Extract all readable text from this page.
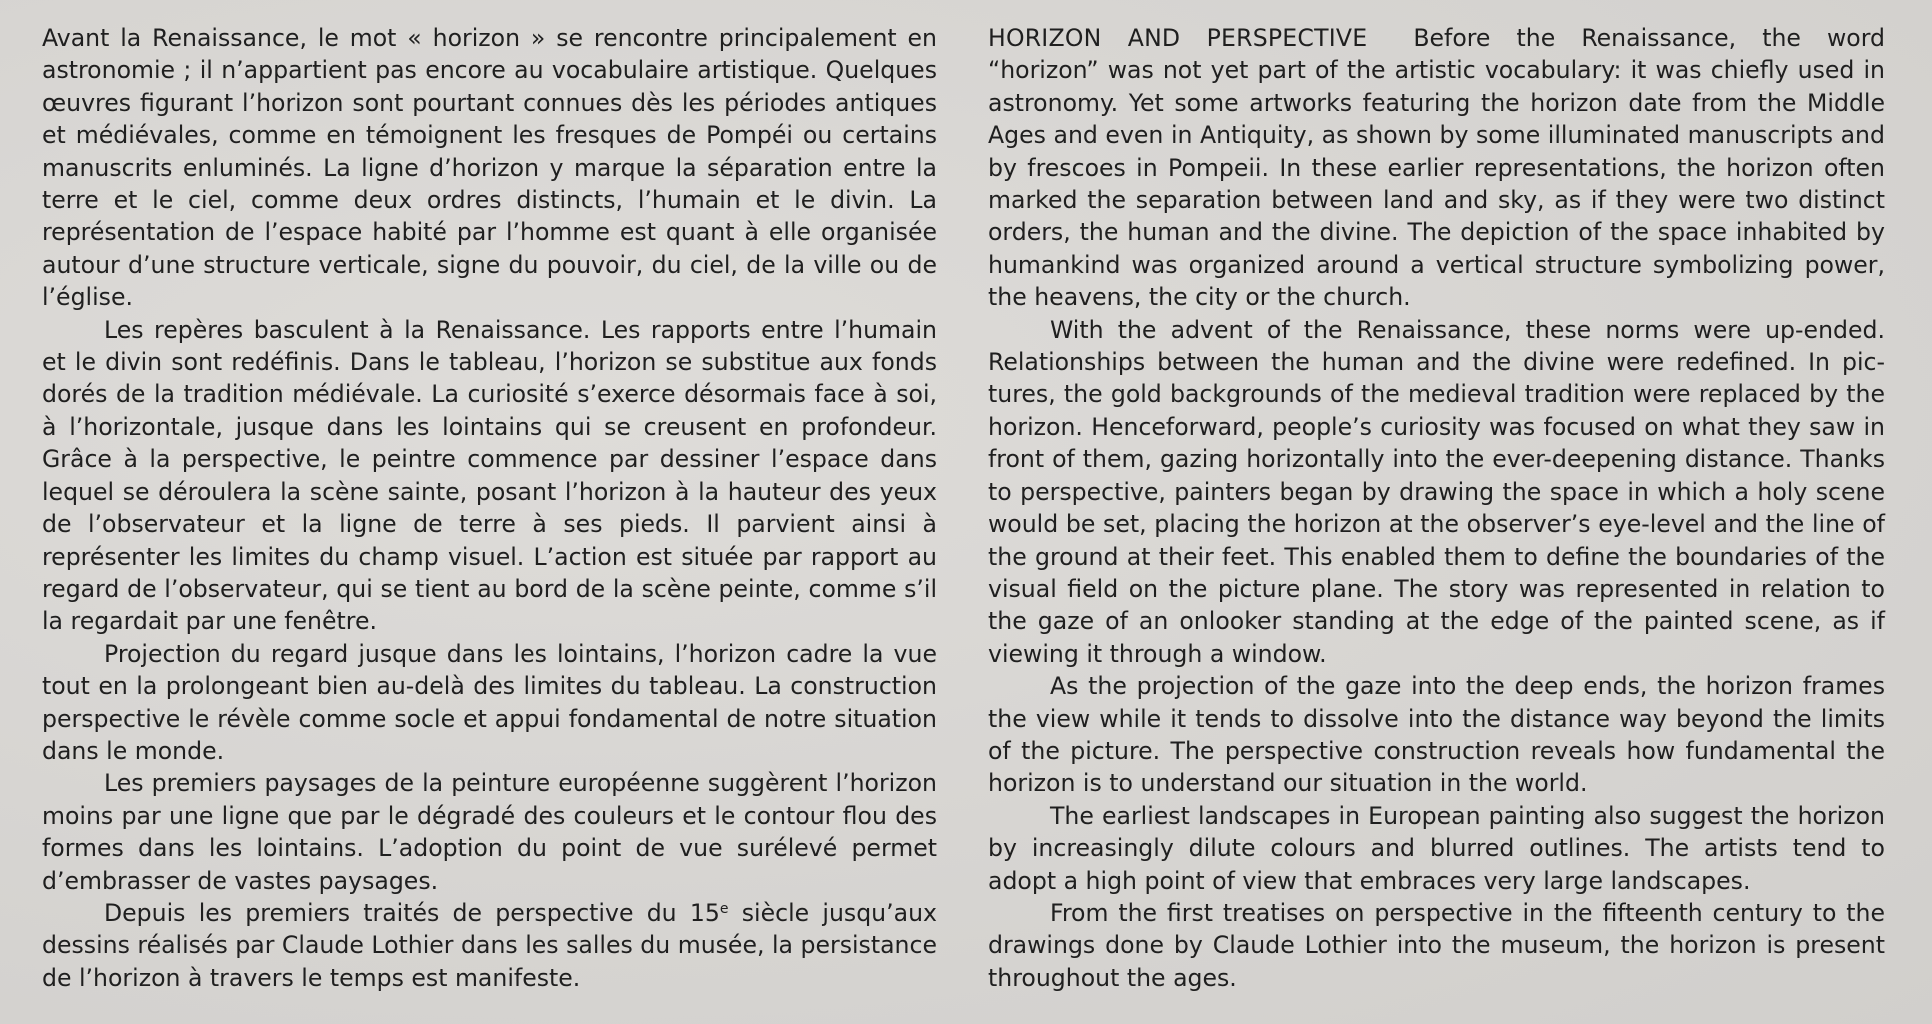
Avant la Renaissance, le mot « horizon » se rencontre principalement en astronomie ; il n’appartient pas encore au vocabulaire artistique. Quelques œuvres figurant l’horizon sont pourtant connues dès les périodes antiques et médiévales, comme en témoignent les fresques de Pompéi ou certains manuscrits enluminés. La ligne d’horizon y marque la séparation entre la terre et le ciel, comme deux ordres distincts, l’humain et le divin. La représentation de l’espace habité par l’homme est quant à elle organisée autour d’une structure verticale, signe du pouvoir, du ciel, de la ville ou de l’église.

Les repères basculent à la Renaissance. Les rapports entre l’humain et le divin sont redéfinis. Dans le tableau, l’horizon se substitue aux fonds dorés de la tradition médiévale. La curiosité s’exerce désormais face à soi, à l’horizontale, jusque dans les lointains qui se creusent en profondeur. Grâce à la perspective, le peintre commence par dessiner l’espace dans lequel se déroulera la scène sainte, posant l’horizon à la hauteur des yeux de l’observateur et la ligne de terre à ses pieds. Il parvient ainsi à représenter les limites du champ visuel. L’action est située par rapport au regard de l’observateur, qui se tient au bord de la scène peinte, comme s’il la regardait par une fenêtre.

Projection du regard jusque dans les lointains, l’horizon cadre la vue tout en la prolongeant bien au-delà des limites du tableau. La construction perspective le révèle comme socle et appui fondamental de notre situation dans le monde.

Les premiers paysages de la peinture européenne suggèrent l’horizon moins par une ligne que par le dégradé des couleurs et le contour flou des formes dans les lointains. L’adoption du point de vue surélevé permet d’embrasser de vastes paysages.

Depuis les premiers traités de perspective du 15e siècle jusqu’aux dessins réalisés par Claude Lothier dans les salles du musée, la persistance de l’horizon à travers le temps est manifeste.

HORIZON AND PERSPECTIVE Before the Renaissance, the word “horizon” was not yet part of the artistic vocabulary: it was chiefly used in astronomy. Yet some artworks featuring the horizon date from the Middle Ages and even in Antiquity, as shown by some illuminated manuscripts and by frescoes in Pompeii. In these earlier representations, the horizon often marked the separation between land and sky, as if they were two distinct orders, the human and the divine. The depiction of the space inhabited by humankind was organized around a vertical structure symbolizing power, the heavens, the city or the church.

With the advent of the Renaissance, these norms were up-ended. Relationships between the human and the divine were redefined. In pictures, the gold backgrounds of the medieval tradition were replaced by the horizon. Henceforward, people’s curiosity was focused on what they saw in front of them, gazing horizontally into the ever-deepening distance. Thanks to perspective, painters began by drawing the space in which a holy scene would be set, placing the horizon at the observer’s eye-level and the line of the ground at their feet. This enabled them to define the boundaries of the visual field on the picture plane. The story was represented in relation to the gaze of an onlooker standing at the edge of the painted scene, as if viewing it through a window.

As the projection of the gaze into the deep ends, the horizon frames the view while it tends to dissolve into the distance way beyond the limits of the picture. The perspective construction reveals how fundamental the horizon is to understand our situation in the world.

The earliest landscapes in European painting also suggest the horizon by increasingly dilute colours and blurred outlines. The artists tend to adopt a high point of view that embraces very large landscapes.

From the first treatises on perspective in the fifteenth century to the drawings done by Claude Lothier into the museum, the horizon is present throughout the ages.
